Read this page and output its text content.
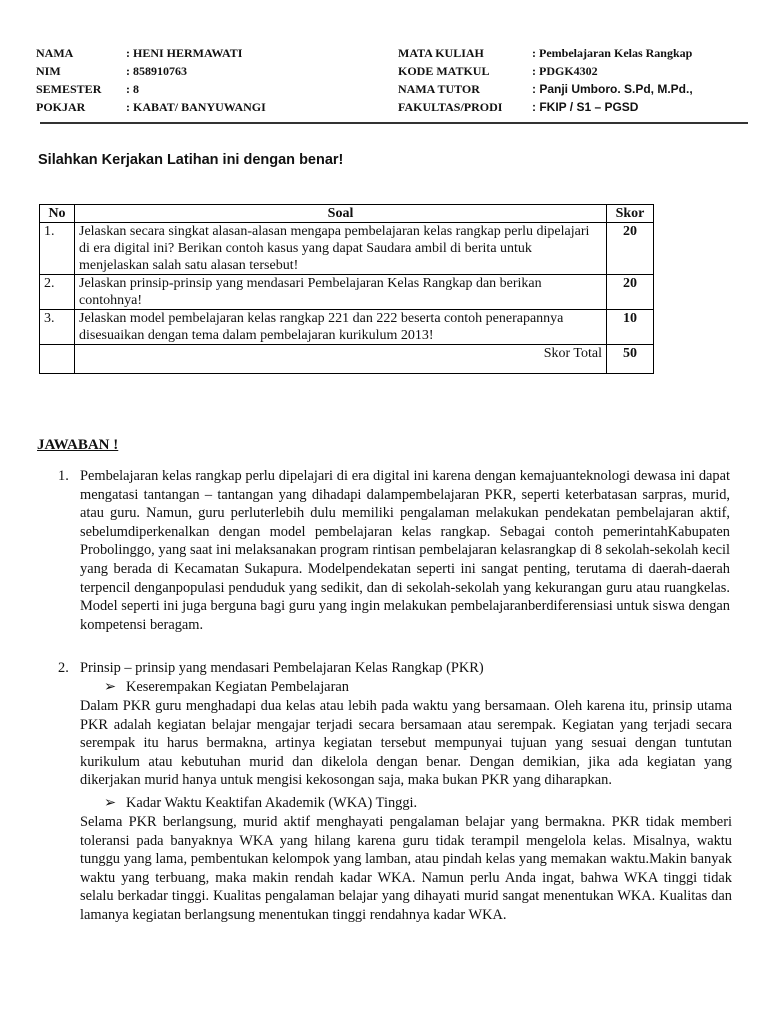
NAMA	: HENI HERMAWATI
NIM	: 858910763
SEMESTER : 8
POKJAR	: KABAT/ BANYUWANGI
MATA KULIAH	: Pembelajaran Kelas Rangkap
KODE MATKUL	: PDGK4302
NAMA TUTOR	: Panji Umboro. S.Pd, M.Pd.,
FAKULTAS/PRODI : FKIP / S1 – PGSD
Silahkan Kerjakan Latihan ini dengan benar!
No	Soal	Skor
1.	Jelaskan secara singkat alasan-alasan mengapa pembelajaran kelas rangkap perlu dipelajari di era digital ini? Berikan contoh kasus yang dapat Saudara ambil di berita untuk menjelaskan salah satu alasan tersebut!	20
2.	Jelaskan prinsip-prinsip yang mendasari Pembelajaran Kelas Rangkap dan berikan contohnya!	20
3.	Jelaskan model pembelajaran kelas rangkap 221 dan 222 beserta contoh penerapannya disesuaikan dengan tema dalam pembelajaran kurikulum 2013!	10
	Skor Total	50
JAWABAN !
1. Pembelajaran kelas rangkap perlu dipelajari di era digital ini karena dengan kemajuanteknologi dewasa ini dapat mengatasi tantangan – tantangan yang dihadapi dalampembelajaran PKR, seperti keterbatasan sarpras, murid, atau guru. Namun, guru perluterlebih dulu memiliki pengalaman melakukan pendekatan pembelajaran aktif, sebelumdiperkenalkan dengan model pembelajaran kelas rangkap. Sebagai contoh pemerintahKabupaten Probolinggo, yang saat ini melaksanakan program rintisan pembelajaran kelasrangkap di 8 sekolah-sekolah kecil yang berada di Kecamatan Sukapura. Modelpendekatan seperti ini sangat penting, terutama di daerah-daerah terpencil denganpopulasi penduduk yang sedikit, dan di sekolah-sekolah yang kekurangan guru atau ruangkelas. Model seperti ini juga berguna bagi guru yang ingin melakukan pembelajaranberdiferensiasi untuk siswa dengan kompetensi beragam.
2. Prinsip – prinsip yang mendasari Pembelajaran Kelas Rangkap (PKR)
➢ Keserempakan Kegiatan Pembelajaran
Dalam PKR guru menghadapi dua kelas atau lebih pada waktu yang bersamaan. Oleh karena itu, prinsip utama PKR adalah kegiatan belajar mengajar terjadi secara bersamaan atau serempak. Kegiatan yang terjadi secara serempak itu harus bermakna, artinya kegiatan tersebut mempunyai tujuan yang sesuai dengan tuntutan kurikulum atau kebutuhan murid dan dikelola dengan benar. Dengan demikian, jika ada kegiatan yang dikerjakan murid hanya untuk mengisi kekosongan saja, maka bukan PKR yang diharapkan.
➢ Kadar Waktu Keaktifan Akademik (WKA) Tinggi.
Selama PKR berlangsung, murid aktif menghayati pengalaman belajar yang bermakna. PKR tidak memberi toleransi pada banyaknya WKA yang hilang karena guru tidak terampil mengelola kelas. Misalnya, waktu tunggu yang lama, pembentukan kelompok yang lamban, atau pindah kelas yang memakan waktu.Makin banyak waktu yang terbuang, maka makin rendah kadar WKA. Namun perlu Anda ingat, bahwa WKA tinggi tidak selalu berkadar tinggi. Kualitas pengalaman belajar yang dihayati murid sangat menentukan WKA. Kualitas dan lamanya kegiatan berlangsung menentukan tinggi rendahnya kadar WKA.
